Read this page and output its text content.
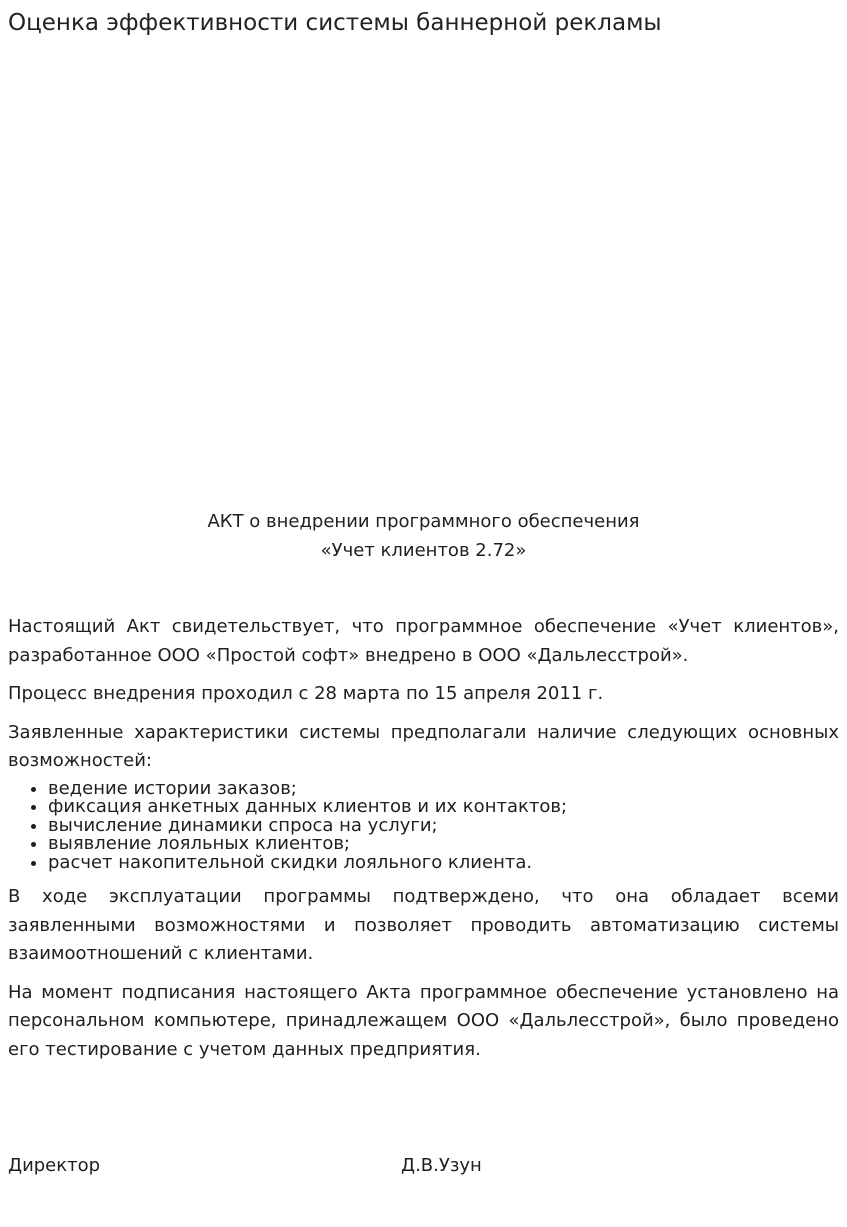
Оценка эффективности системы баннерной рекламы
АКТ о внедрении программного обеспечения
«Учет клиентов 2.72»

Настоящий Акт свидетельствует, что программное обеспечение «Учет клиентов», разработанное ООО «Простой софт» внедрено в ООО «Дальлесстрой».

Процесс внедрения проходил с 28 марта по 15 апреля 2011 г.

Заявленные характеристики системы предполагали наличие следующих основных возможностей:

• ведение истории заказов;
• фиксация анкетных данных клиентов и их контактов;
• вычисление динамики спроса на услуги;
• выявление лояльных клиентов;
• расчет накопительной скидки лояльного клиента.

В ходе эксплуатации программы подтверждено, что она обладает всеми заявленными возможностями и позволяет проводить автоматизацию системы взаимоотношений с клиентами.

На момент подписания настоящего Акта программное обеспечение установлено на персональном компьютере, принадлежащем ООО «Дальлесстрой», было проведено его тестирование с учетом данных предприятия.

Директор	Д.В.Узун
